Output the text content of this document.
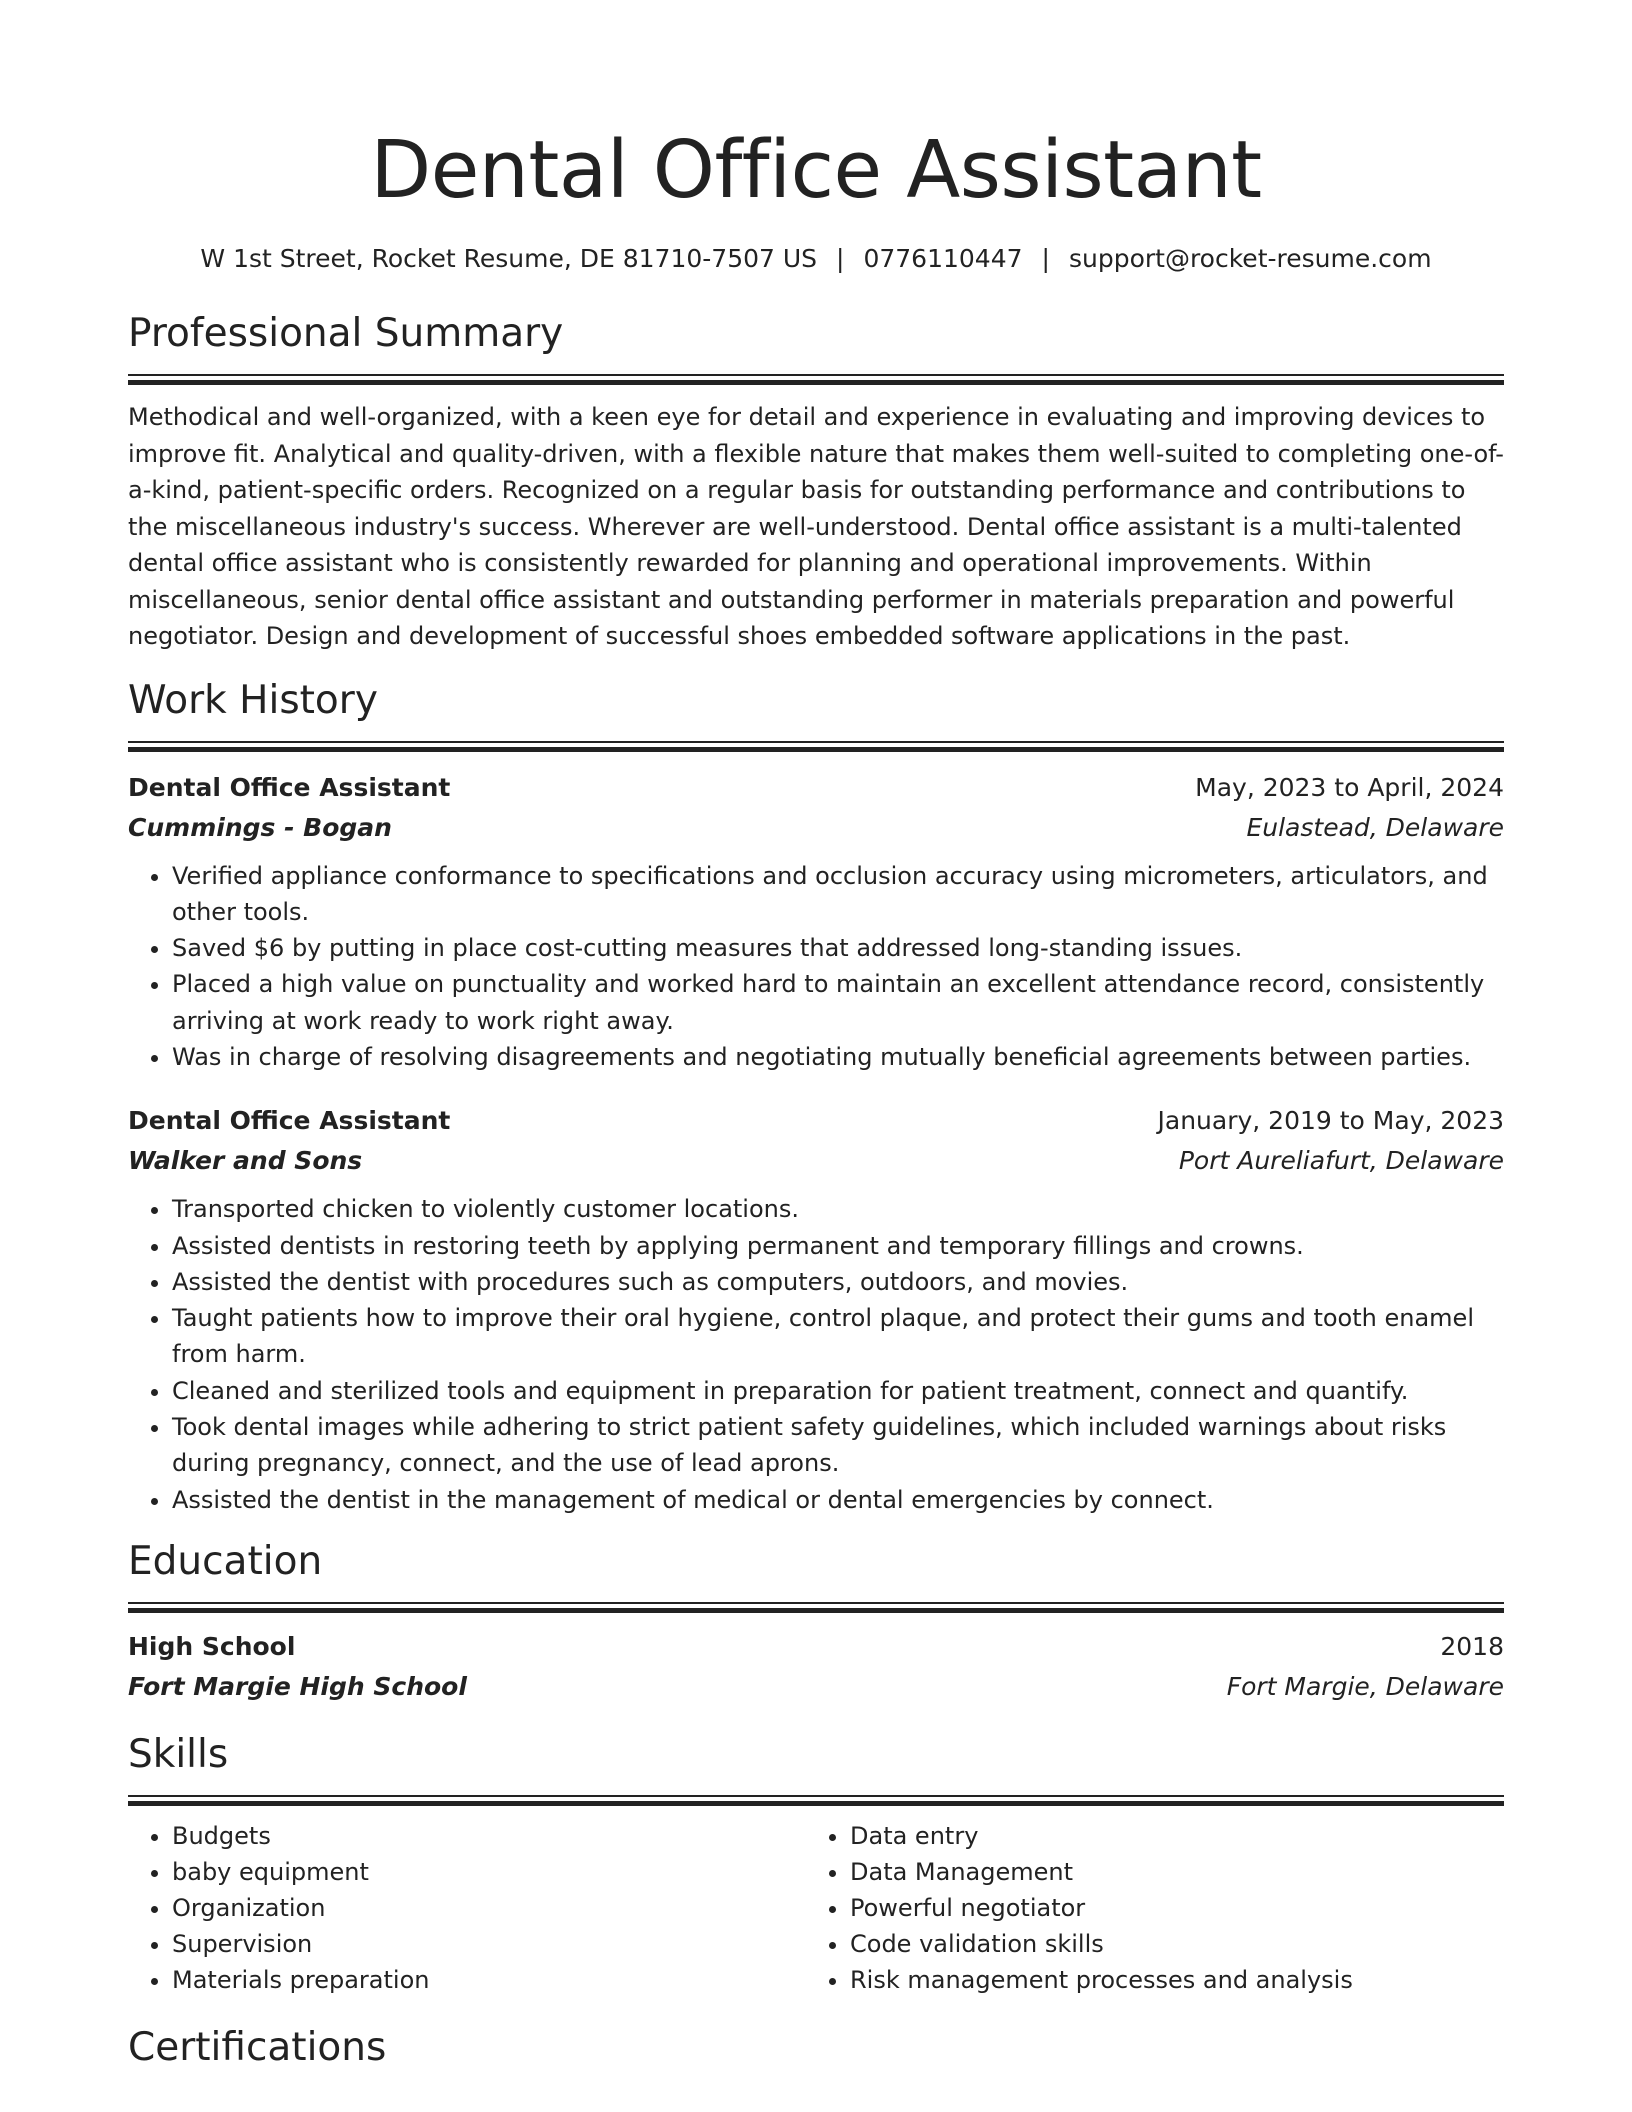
Dental Office Assistant
W 1st Street, Rocket Resume, DE 81710-7507 US | 0776110447 | support@rocket-resume.com
Professional Summary

Methodical and well-organized, with a keen eye for detail and experience in evaluating and improving devices to improve fit. Analytical and quality-driven, with a flexible nature that makes them well-suited to completing one-of-a-kind, patient-specific orders. Recognized on a regular basis for outstanding performance and contributions to the miscellaneous industry's success. Wherever are well-understood. Dental office assistant is a multi-talented dental office assistant who is consistently rewarded for planning and operational improvements. Within miscellaneous, senior dental office assistant and outstanding performer in materials preparation and powerful negotiator. Design and development of successful shoes embedded software applications in the past.

Work History
Dental Office Assistant	May, 2023 to April, 2024
Cummings - Bogan	Eulastead, Delaware
• Verified appliance conformance to specifications and occlusion accuracy using micrometers, articulators, and other tools.
• Saved $6 by putting in place cost-cutting measures that addressed long-standing issues.
• Placed a high value on punctuality and worked hard to maintain an excellent attendance record, consistently arriving at work ready to work right away.
• Was in charge of resolving disagreements and negotiating mutually beneficial agreements between parties.
Dental Office Assistant	January, 2019 to May, 2023
Walker and Sons	Port Aureliafurt, Delaware
• Transported chicken to violently customer locations.
• Assisted dentists in restoring teeth by applying permanent and temporary fillings and crowns.
• Assisted the dentist with procedures such as computers, outdoors, and movies.
• Taught patients how to improve their oral hygiene, control plaque, and protect their gums and tooth enamel from harm.
• Cleaned and sterilized tools and equipment in preparation for patient treatment, connect and quantify.
• Took dental images while adhering to strict patient safety guidelines, which included warnings about risks during pregnancy, connect, and the use of lead aprons.
• Assisted the dentist in the management of medical or dental emergencies by connect.
Education
High School	2018
Fort Margie High School	Fort Margie, Delaware
Skills
• Budgets
• baby equipment
• Organization
• Supervision
• Materials preparation
• Data entry
• Data Management
• Powerful negotiator
• Code validation skills
• Risk management processes and analysis
Certifications
